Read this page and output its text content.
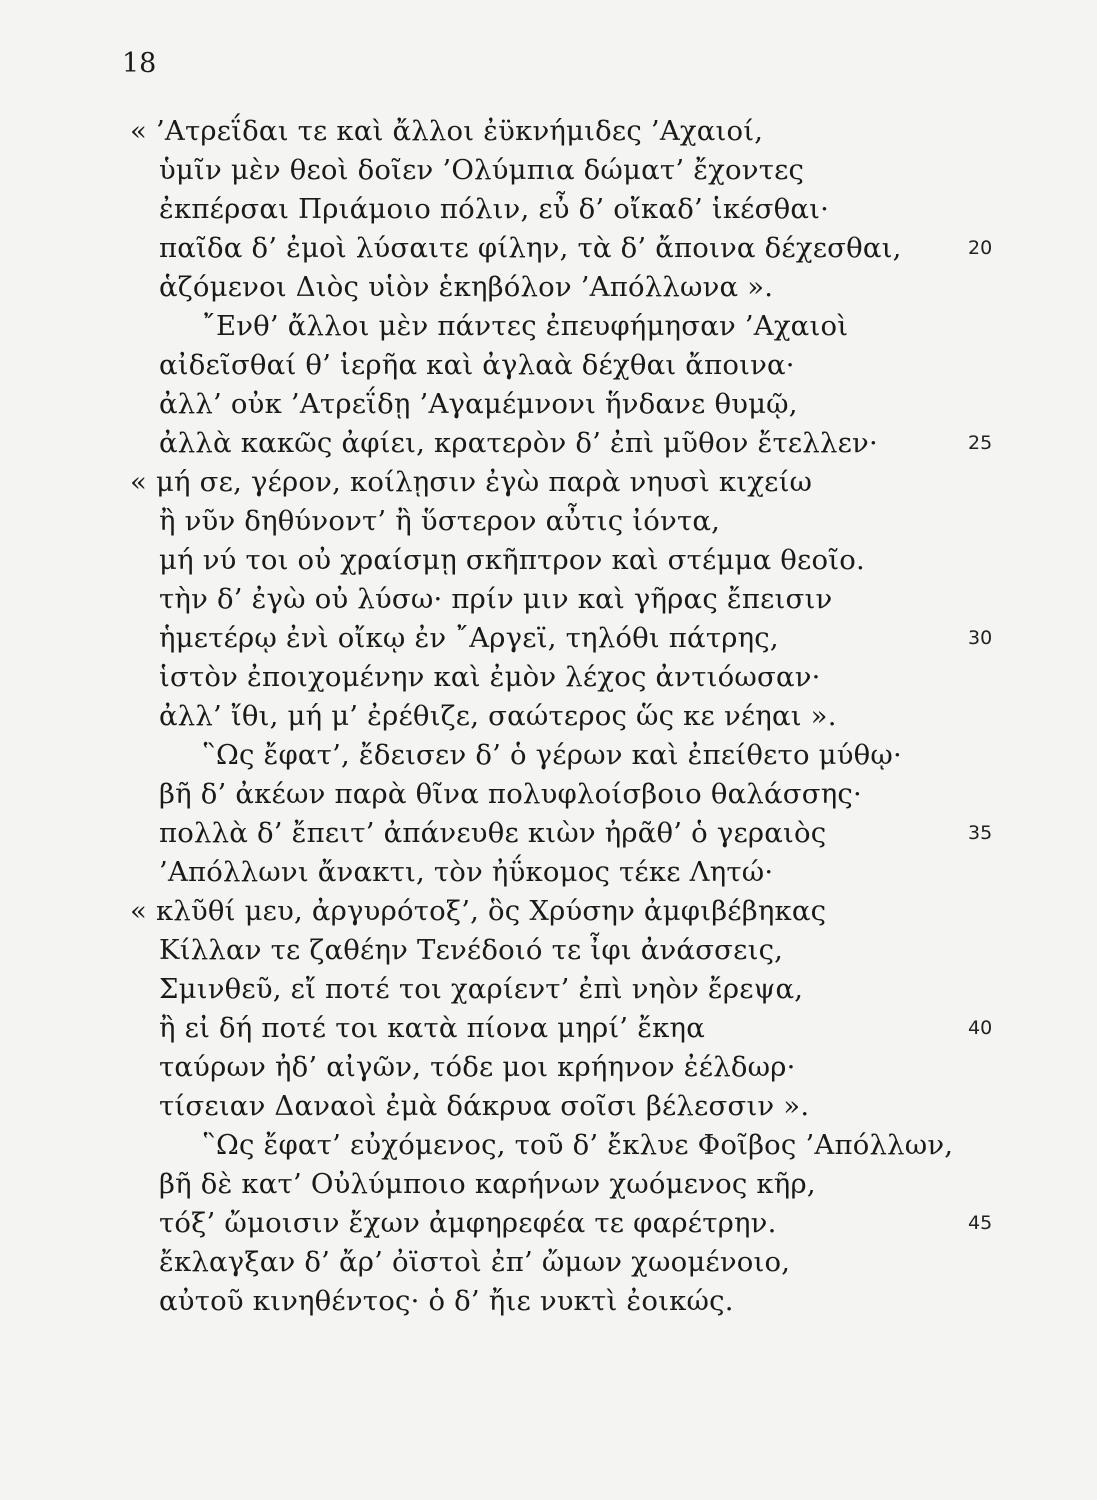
18
« ’Ατρεΐδαι τε καὶ ἄλλοι ἐϋκνήμιδες ’Αχαιοί,
ὑμῖν μὲν θεοὶ δοῖεν ’Ολύμπια δώματ’ ἔχοντες
ἐκπέρσαι Πριάμοιο πόλιν, εὖ δ’ οἴκαδ’ ἱκέσθαι·
παῖδα δ’ ἐμοὶ λύσαιτε φίλην, τὰ δ’ ἄποινα δέχεσθαι,	20
ἁζόμενοι Διὸς υἱὸν ἑκηβόλον ’Απόλλωνα ».
῎Ενθ’ ἄλλοι μὲν πάντες ἐπευφήμησαν ’Αχαιοὶ
αἰδεῖσθαί θ’ ἱερῆα καὶ ἀγλαὰ δέχθαι ἄποινα·
ἀλλ’ οὐκ ’Ατρεΐδῃ ’Αγαμέμνονι ἥνδανε θυμῷ,
ἀλλὰ κακῶς ἀφίει, κρατερὸν δ’ ἐπὶ μῦθον ἔτελλεν·	25
« μή σε, γέρον, κοίλῃσιν ἐγὼ παρὰ νηυσὶ κιχείω
ἢ νῦν δηθύνοντ’ ἢ ὕστερον αὖτις ἰόντα,
μή νύ τοι οὐ χραίσμῃ σκῆπτρον καὶ στέμμα θεοῖο.
τὴν δ’ ἐγὼ οὐ λύσω· πρίν μιν καὶ γῆρας ἔπεισιν
ἡμετέρῳ ἐνὶ οἴκῳ ἐν ῎Αργεϊ, τηλόθι πάτρης,	30
ἱστὸν ἐποιχομένην καὶ ἐμὸν λέχος ἀντιόωσαν·
ἀλλ’ ἴθι, μή μ’ ἐρέθιζε, σαώτερος ὥς κε νέηαι ».
῝Ως ἔφατ’, ἔδεισεν δ’ ὁ γέρων καὶ ἐπείθετο μύθῳ·
βῆ δ’ ἀκέων παρὰ θῖνα πολυφλοίσβοιο θαλάσσης·
πολλὰ δ’ ἔπειτ’ ἀπάνευθε κιὼν ἠρᾶθ’ ὁ γεραιὸς	35
’Απόλλωνι ἄνακτι, τὸν ἠΰκομος τέκε Λητώ·
« κλῦθί μευ, ἀργυρότοξ’, ὃς Χρύσην ἀμφιβέβηκας
Κίλλαν τε ζαθέην Τενέδοιό τε ἶφι ἀνάσσεις,
Σμινθεῦ, εἴ ποτέ τοι χαρίεντ’ ἐπὶ νηὸν ἔρεψα,
ἢ εἰ δή ποτέ τοι κατὰ πίονα μηρί’ ἔκηα	40
ταύρων ἠδ’ αἰγῶν, τόδε μοι κρήηνον ἐέλδωρ·
τίσειαν Δαναοὶ ἐμὰ δάκρυα σοῖσι βέλεσσιν ».
῝Ως ἔφατ’ εὐχόμενος, τοῦ δ’ ἔκλυε Φοῖβος ’Απόλλων,
βῆ δὲ κατ’ Οὐλύμποιο καρήνων χωόμενος κῆρ,
τόξ’ ὤμοισιν ἔχων ἀμφηρεφέα τε φαρέτρην.	45
ἔκλαγξαν δ’ ἄρ’ ὀϊστοὶ ἐπ’ ὤμων χωομένοιο,
αὐτοῦ κινηθέντος· ὁ δ’ ἤιε νυκτὶ ἐοικώς.
